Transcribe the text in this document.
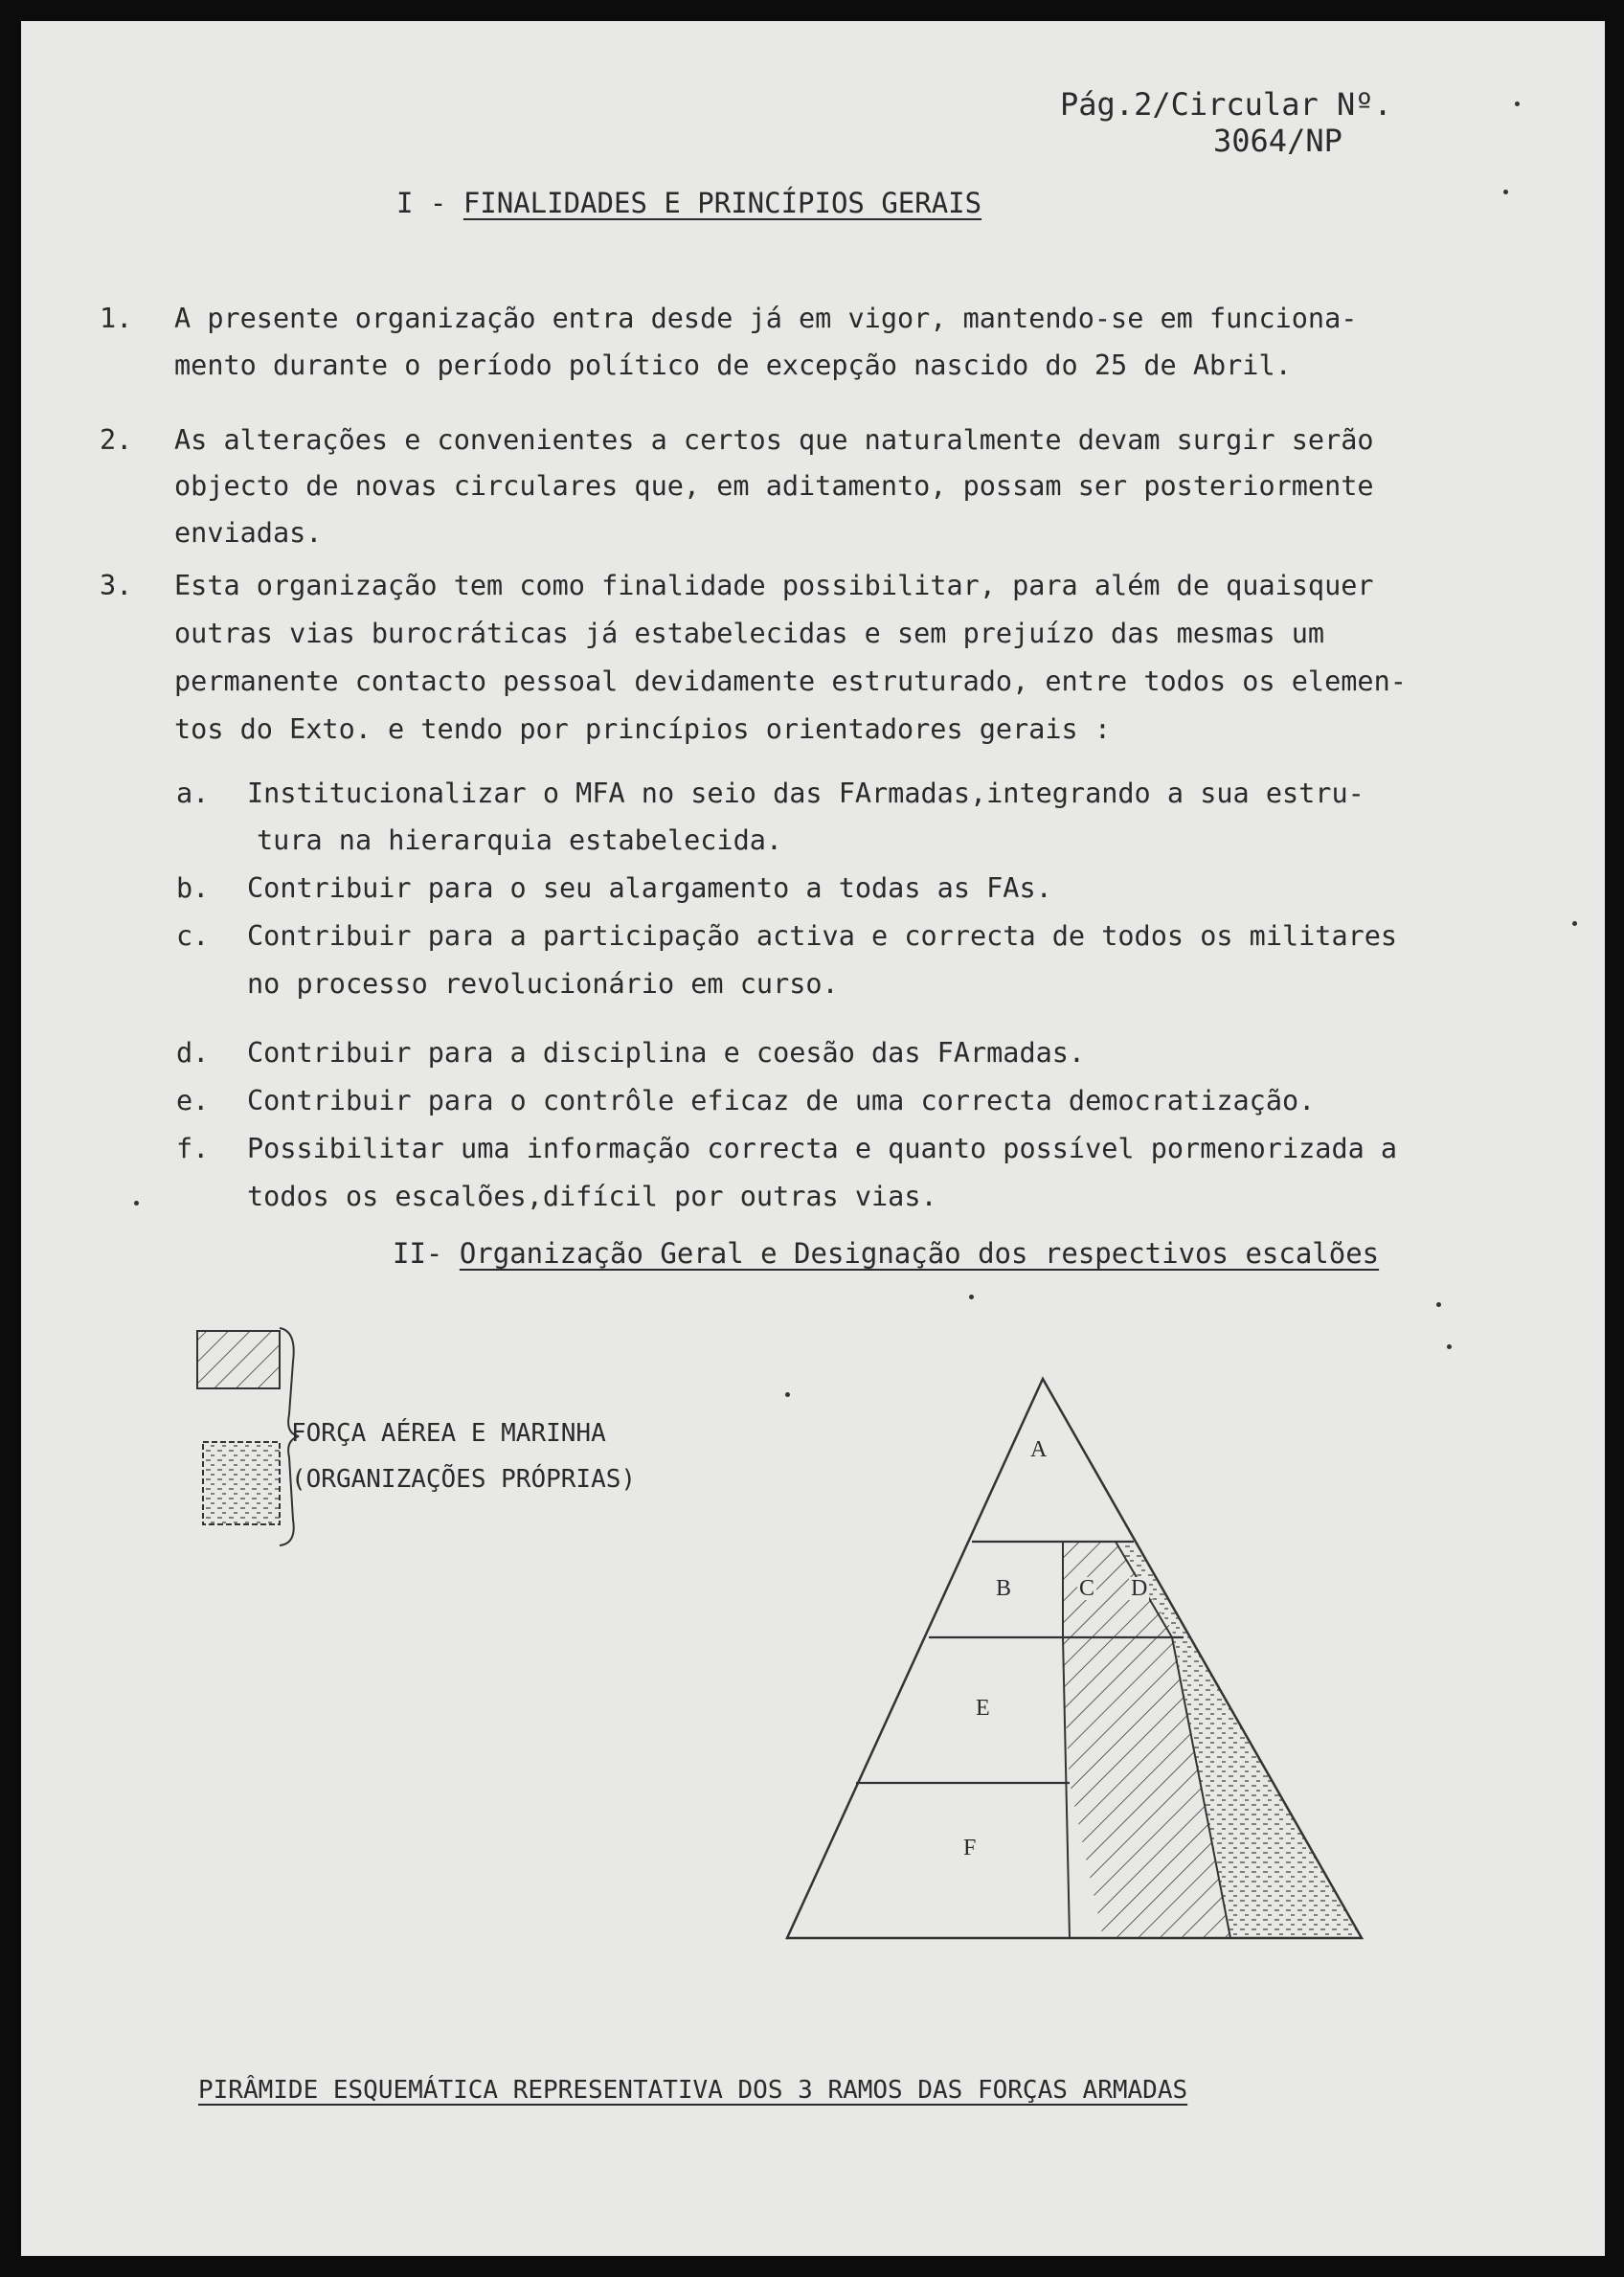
Pág.2/Circular Nº.
3064/NP
I - FINALIDADES E PRINCÍPIOS GERAIS
1. A presente organização entra desde já em vigor, mantendo-se em funciona-
mento durante o período político de excepção nascido do 25 de Abril.
2. As alterações e convenientes a certos que naturalmente devam surgir serão
objecto de novas circulares que, em aditamento, possam ser posteriormente
enviadas.
3. Esta organização tem como finalidade possibilitar, para além de quaisquer
outras vias burocráticas já estabelecidas e sem prejuízo das mesmas um
permanente contacto pessoal devidamente estruturado, entre todos os elemen-
tos do Exto. e tendo por princípios orientadores gerais :
a. Institucionalizar o MFA no seio das FArmadas,integrando a sua estru-
tura na hierarquia estabelecida.
b. Contribuir para o seu alargamento a todas as FAs.
c. Contribuir para a participação activa e correcta de todos os militares
no processo revolucionário em curso.
d. Contribuir para a disciplina e coesão das FArmadas.
e. Contribuir para o contrôle eficaz de uma correcta democratização.
f. Possibilitar uma informação correcta e quanto possível pormenorizada a
todos os escalões,difícil por outras vias.
II- Organização Geral e Designação dos respectivos escalões
FORÇA AÉREA E MARINHA
(ORGANIZAÇÕES PRÓPRIAS)
A
B	C D
E
F
PIRÂMIDE ESQUEMÁTICA REPRESENTATIVA DOS 3 RAMOS DAS FORÇAS ARMADAS
